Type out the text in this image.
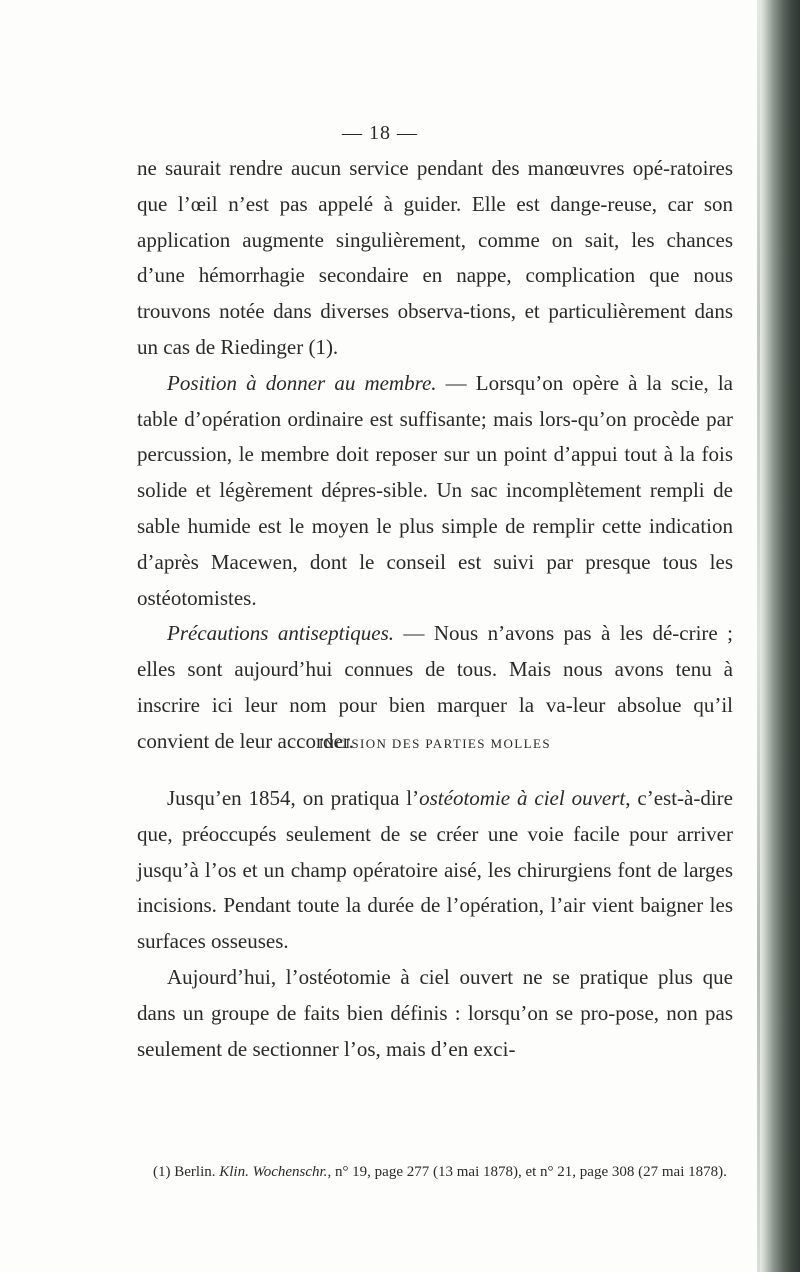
— 18 —

ne saurait rendre aucun service pendant des manœuvres opé-ratoires que l’œil n’est pas appelé à guider. Elle est dange-reuse, car son application augmente singulièrement, comme on sait, les chances d’une hémorrhagie secondaire en nappe, complication que nous trouvons notée dans diverses observa-tions, et particulièrement dans un cas de Riedinger (1).

Position à donner au membre. — Lorsqu’on opère à la scie, la table d’opération ordinaire est suffisante; mais lors-qu’on procède par percussion, le membre doit reposer sur un point d’appui tout à la fois solide et légèrement dépres-sible. Un sac incomplètement rempli de sable humide est le moyen le plus simple de remplir cette indication d’après Macewen, dont le conseil est suivi par presque tous les ostéotomistes.

Précautions antiseptiques. — Nous n’avons pas à les dé-crire ; elles sont aujourd’hui connues de tous. Mais nous avons tenu à inscrire ici leur nom pour bien marquer la va-leur absolue qu’il convient de leur accorder.

INCISION DES PARTIES MOLLES

Jusqu’en 1854, on pratiqua l’ostéotomie à ciel ouvert, c’est-à-dire que, préoccupés seulement de se créer une voie facile pour arriver jusqu’à l’os et un champ opératoire aisé, les chirurgiens font de larges incisions. Pendant toute la durée de l’opération, l’air vient baigner les surfaces osseuses.

Aujourd’hui, l’ostéotomie à ciel ouvert ne se pratique plus que dans un groupe de faits bien définis : lorsqu’on se pro-pose, non pas seulement de sectionner l’os, mais d’en exci-

(1) Berlin. Klin. Wochenschr., n° 19, page 277 (13 mai 1878), et n° 21, page 308 (27 mai 1878).
